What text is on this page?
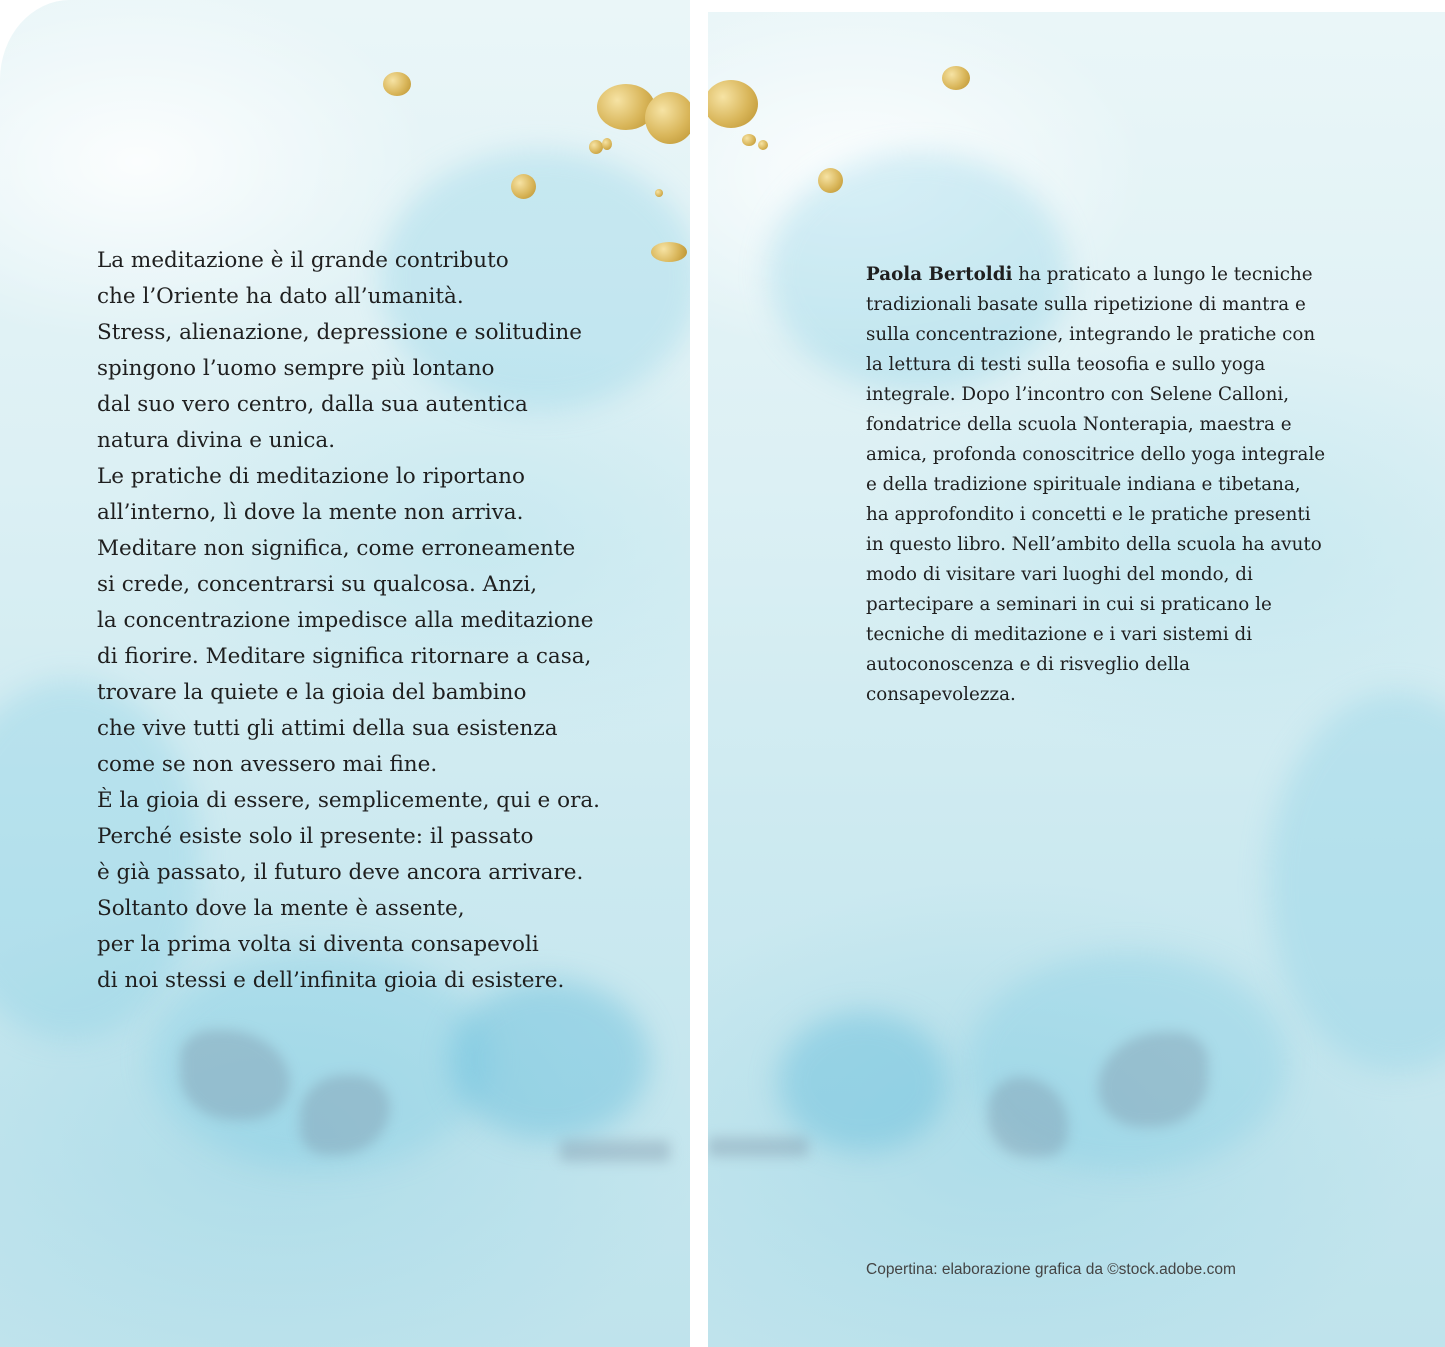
La meditazione è il grande contributo
che l’Oriente ha dato all’umanità.
Stress, alienazione, depressione e solitudine
spingono l’uomo sempre più lontano
dal suo vero centro, dalla sua autentica
natura divina e unica.
Le pratiche di meditazione lo riportano
all’interno, lì dove la mente non arriva.
Meditare non significa, come erroneamente
si crede, concentrarsi su qualcosa. Anzi,
la concentrazione impedisce alla meditazione
di fiorire. Meditare significa ritornare a casa,
trovare la quiete e la gioia del bambino
che vive tutti gli attimi della sua esistenza
come se non avessero mai fine.
È la gioia di essere, semplicemente, qui e ora.
Perché esiste solo il presente: il passato
è già passato, il futuro deve ancora arrivare.
Soltanto dove la mente è assente,
per la prima volta si diventa consapevoli
di noi stessi e dell’infinita gioia di esistere.

Paola Bertoldi ha praticato a lungo le tecniche tradizionali basate sulla ripetizione di mantra e sulla concentrazione, integrando le pratiche con la lettura di testi sulla teosofia e sullo yoga integrale. Dopo l’incontro con Selene Calloni, fondatrice della scuola Nonterapia, maestra e amica, profonda conoscitrice dello yoga integrale e della tradizione spirituale indiana e tibetana, ha approfondito i concetti e le pratiche presenti in questo libro. Nell’ambito della scuola ha avuto modo di visitare vari luoghi del mondo, di partecipare a seminari in cui si praticano le tecniche di meditazione e i vari sistemi di autoconoscenza e di risveglio della consapevolezza.

Copertina: elaborazione grafica da ©stock.adobe.com
